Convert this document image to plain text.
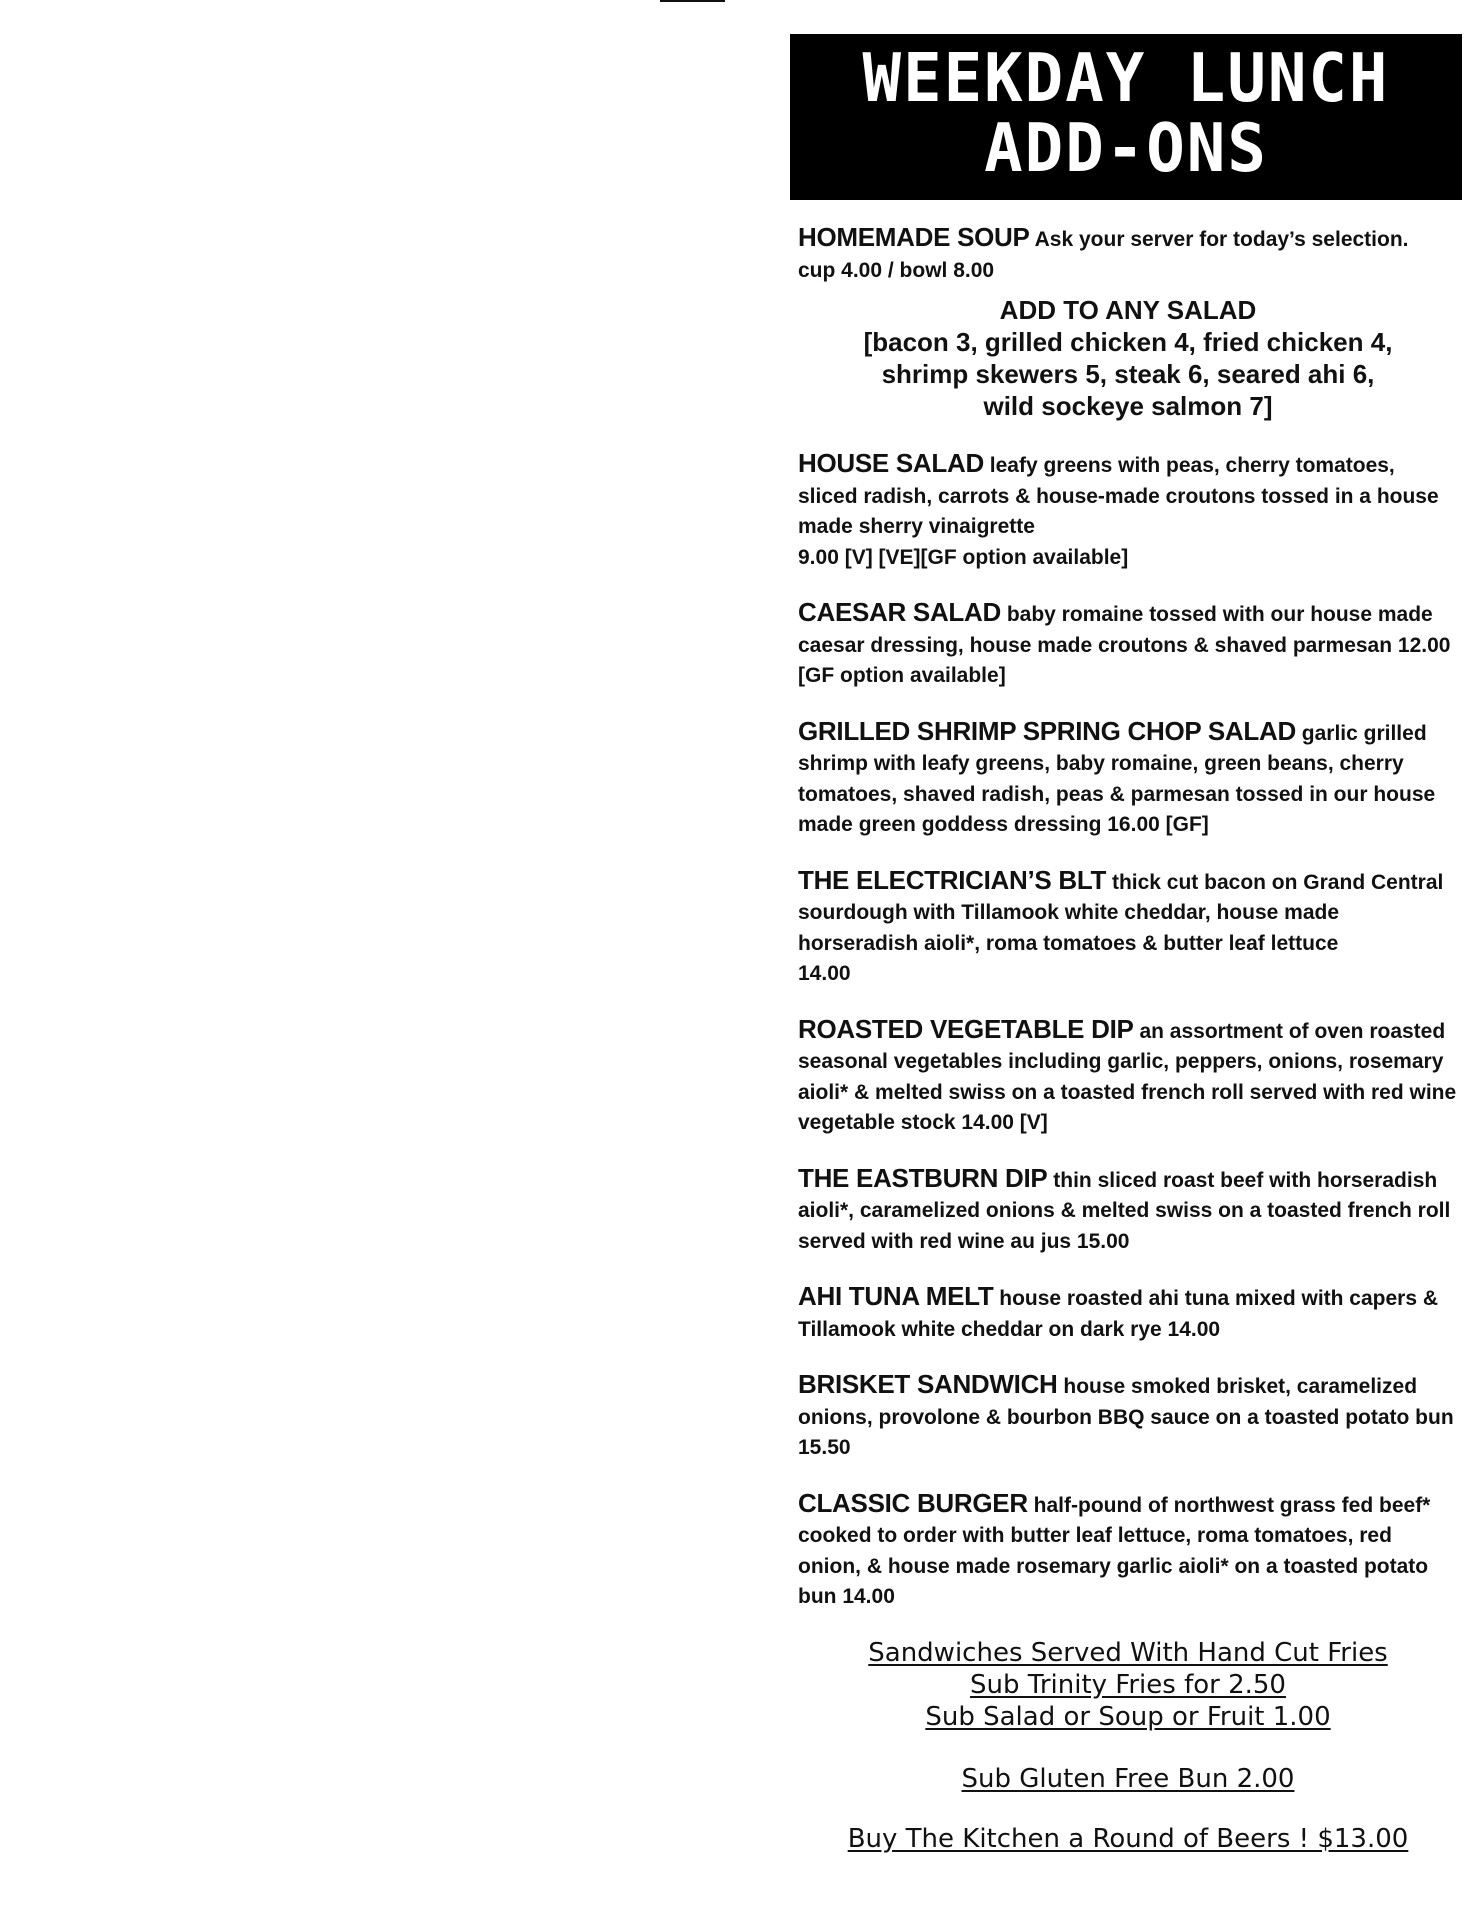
WEEKDAY LUNCH
ADD-ONS
HOMEMADE SOUP Ask your server for today’s selection.
cup 4.00 / bowl 8.00
ADD TO ANY SALAD
[bacon 3, grilled chicken 4, fried chicken 4,
shrimp skewers 5, steak 6, seared ahi 6,
wild sockeye salmon 7]
HOUSE SALAD leafy greens with peas, cherry tomatoes, sliced radish, carrots & house-made croutons tossed in a house made sherry vinaigrette
9.00 [V] [VE][GF option available]
CAESAR SALAD baby romaine tossed with our house made caesar dressing, house made croutons & shaved parmesan 12.00 [GF option available]
GRILLED SHRIMP SPRING CHOP SALAD garlic grilled shrimp with leafy greens, baby romaine, green beans, cherry tomatoes, shaved radish, peas & parmesan tossed in our house made green goddess dressing 16.00 [GF]
THE ELECTRICIAN’S BLT thick cut bacon on Grand Central sourdough with Tillamook white cheddar, house made horseradish aioli*, roma tomatoes & butter leaf lettuce
14.00
ROASTED VEGETABLE DIP an assortment of oven roasted seasonal vegetables including garlic, peppers, onions, rosemary aioli* & melted swiss on a toasted french roll served with red wine vegetable stock 14.00 [V]
THE EASTBURN DIP thin sliced roast beef with horseradish aioli*, caramelized onions & melted swiss on a toasted french roll served with red wine au jus 15.00
AHI TUNA MELT house roasted ahi tuna mixed with capers & Tillamook white cheddar on dark rye 14.00
BRISKET SANDWICH house smoked brisket, caramelized onions, provolone & bourbon BBQ sauce on a toasted potato bun 15.50
CLASSIC BURGER half-pound of northwest grass fed beef* cooked to order with butter leaf lettuce, roma tomatoes, red onion, & house made rosemary garlic aioli* on a toasted potato bun 14.00
Sandwiches Served With Hand Cut Fries
Sub Trinity Fries for 2.50
Sub Salad or Soup or Fruit 1.00
Sub Gluten Free Bun 2.00
Buy The Kitchen a Round of Beers ! $13.00
